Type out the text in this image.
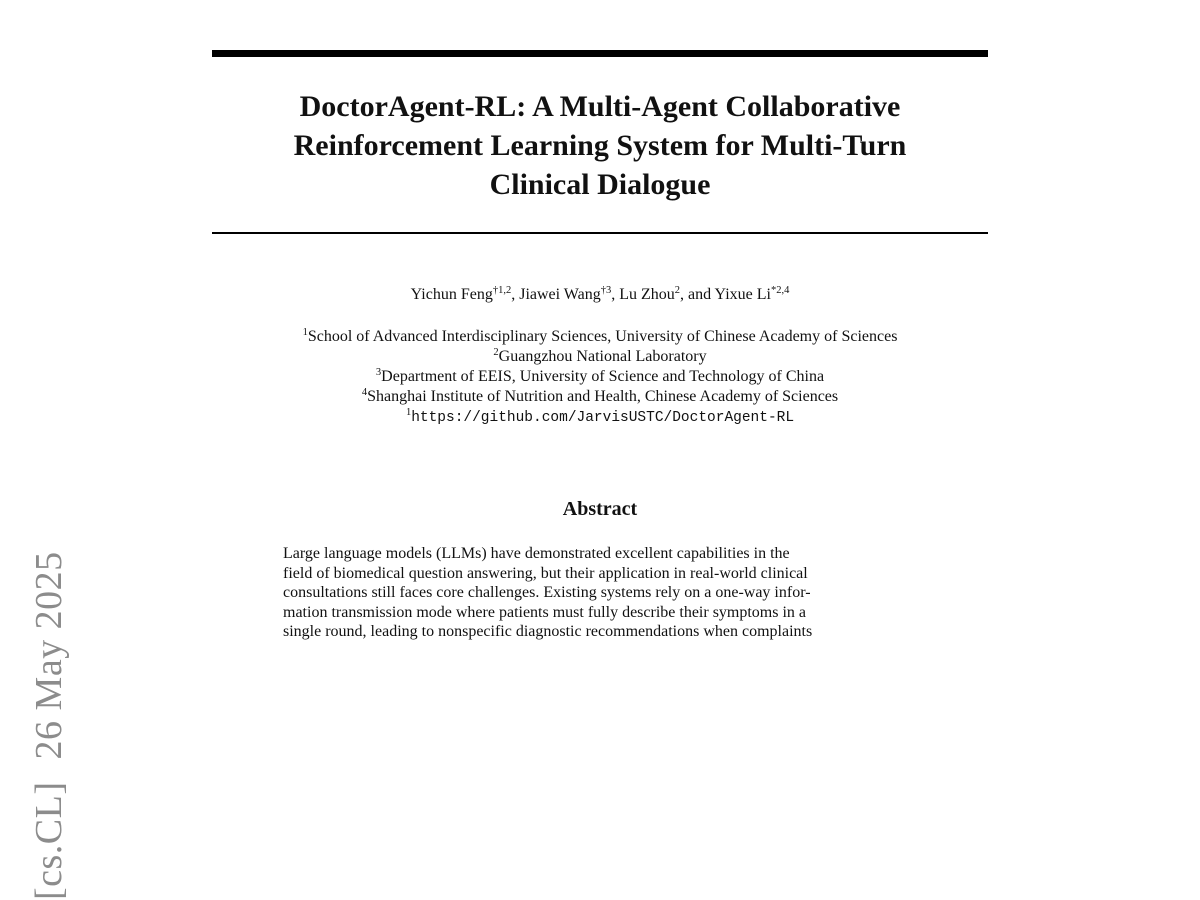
[cs.CL]26 May 2025
DoctorAgent-RL: A Multi-Agent Collaborative
Reinforcement Learning System for Multi-Turn
Clinical Dialogue
Yichun Feng$^{\dagger 1,2}$, Jiawei Wang$^{\dagger 3}$, Lu Zhou$^2$, and Yixue Li$^{*2,4}$
$^1$School of Advanced Interdisciplinary Sciences, University of Chinese Academy of Sciences
$^2$Guangzhou National Laboratory
$^3$Department of EEIS, University of Science and Technology of China
$^4$Shanghai Institute of Nutrition and Health, Chinese Academy of Sciences
$^1$https://github.com/JarvisUSTC/DoctorAgent-RL
Abstract
Large language models (LLMs) have demonstrated excellent capabilities in the
field of biomedical question answering, but their application in real-world clinical
consultations still faces core challenges. Existing systems rely on a one-way infor-
mation transmission mode where patients must fully describe their symptoms in a
single round, leading to nonspecific diagnostic recommendations when complaints
